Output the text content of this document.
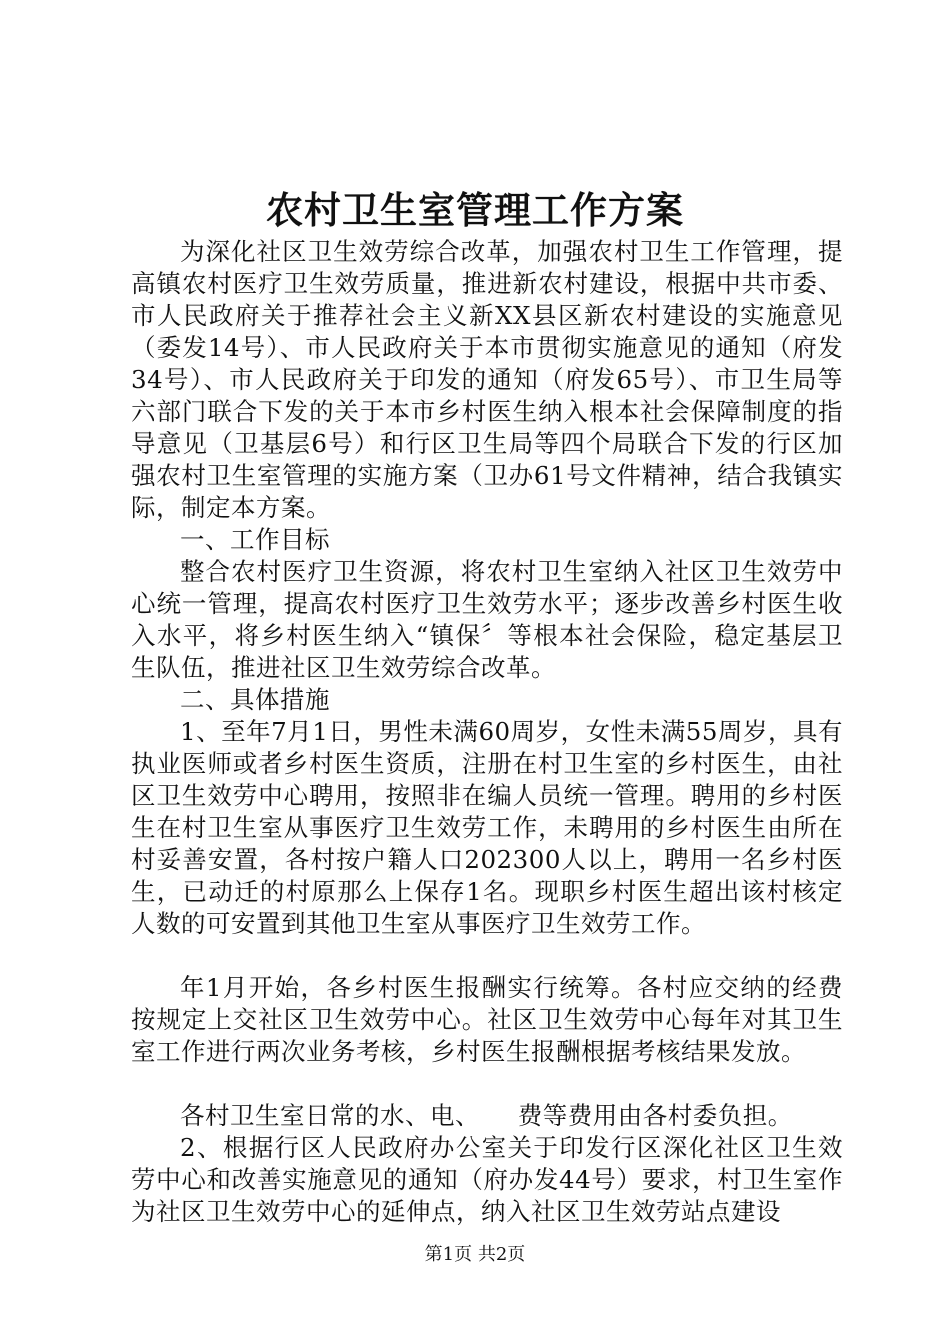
农村卫生室管理工作方案

为深化社区卫生效劳综合改革，加强农村卫生工作管理，提高镇农村医疗卫生效劳质量，推进新农村建设，根据中共市委、市人民政府关于推荐社会主义新XX县区新农村建设的实施意见（委发14号）、市人民政府关于本市贯彻实施意见的通知（府发34号）、市人民政府关于印发的通知（府发65号）、市卫生局等六部门联合下发的关于本市乡村医生纳入根本社会保障制度的指导意见（卫基层6号）和行区卫生局等四个局联合下发的行区加强农村卫生室管理的实施方案（卫办61号文件精神，结合我镇实际，制定本方案。

一、工作目标

整合农村医疗卫生资源，将农村卫生室纳入社区卫生效劳中心统一管理，提高农村医疗卫生效劳水平；逐步改善乡村医生收入水平，将乡村医生纳入“镇保〞等根本社会保险，稳定基层卫生队伍，推进社区卫生效劳综合改革。

二、具体措施

1、至年7月1日，男性未满60周岁，女性未满55周岁，具有执业医师或者乡村医生资质，注册在村卫生室的乡村医生，由社区卫生效劳中心聘用，按照非在编人员统一管理。聘用的乡村医生在村卫生室从事医疗卫生效劳工作，未聘用的乡村医生由所在村妥善安置，各村按户籍人口202300人以上，聘用一名乡村医生，已动迁的村原那么上保存1名。现职乡村医生超出该村核定人数的可安置到其他卫生室从事医疗卫生效劳工作。

年1月开始，各乡村医生报酬实行统筹。各村应交纳的经费按规定上交社区卫生效劳中心。社区卫生效劳中心每年对其卫生室工作进行两次业务考核，乡村医生报酬根据考核结果发放。

各村卫生室日常的水、电、　　费等费用由各村委负担。

2、根据行区人民政府办公室关于印发行区深化社区卫生效劳中心和改善实施意见的通知（府办发44号）要求，村卫生室作为社区卫生效劳中心的延伸点，纳入社区卫生效劳站点建设

第1页 共2页
